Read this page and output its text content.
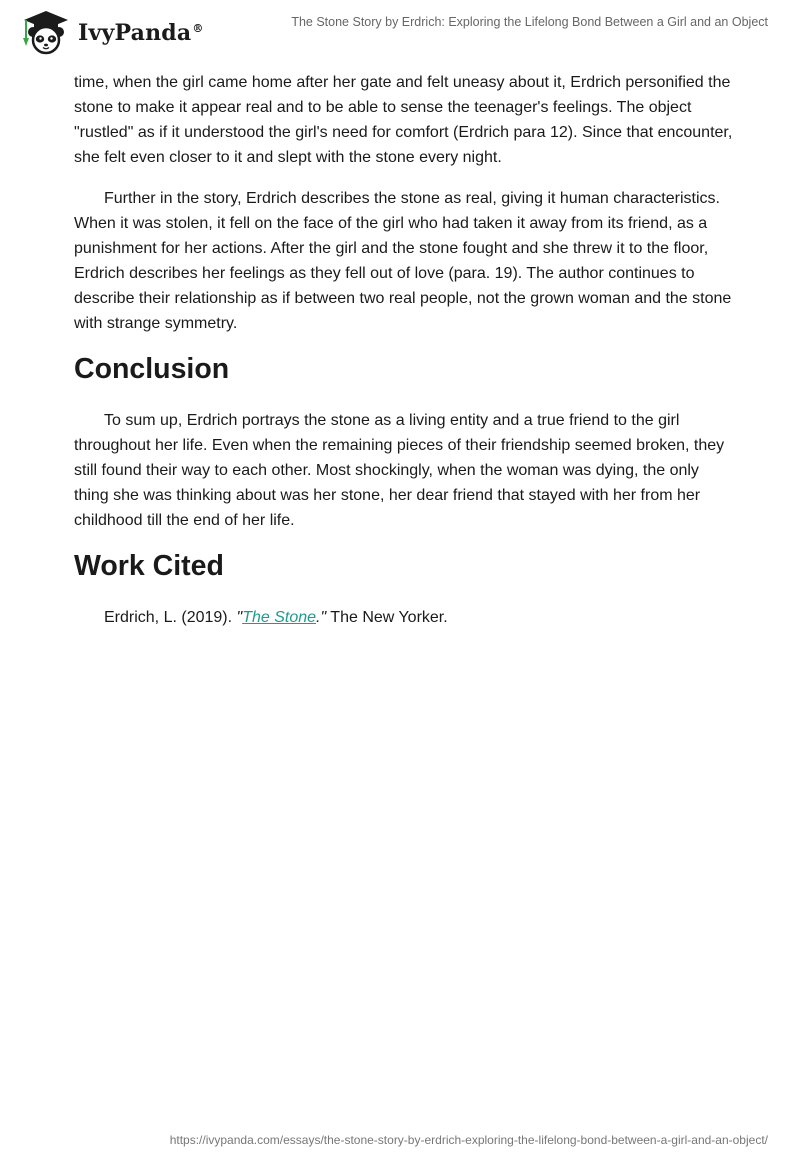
IvyPanda®	The Stone Story by Erdrich: Exploring the Lifelong Bond Between a Girl and an Object

time, when the girl came home after her gate and felt uneasy about it, Erdrich personified the stone to make it appear real and to be able to sense the teenager's feelings. The object "rustled" as if it understood the girl's need for comfort (Erdrich para 12). Since that encounter, she felt even closer to it and slept with the stone every night.

Further in the story, Erdrich describes the stone as real, giving it human characteristics. When it was stolen, it fell on the face of the girl who had taken it away from its friend, as a punishment for her actions. After the girl and the stone fought and she threw it to the floor, Erdrich describes her feelings as they fell out of love (para. 19). The author continues to describe their relationship as if between two real people, not the grown woman and the stone with strange symmetry.

Conclusion

To sum up, Erdrich portrays the stone as a living entity and a true friend to the girl throughout her life. Even when the remaining pieces of their friendship seemed broken, they still found their way to each other. Most shockingly, when the woman was dying, the only thing she was thinking about was her stone, her dear friend that stayed with her from her childhood till the end of her life.

Work Cited

Erdrich, L. (2019). "The Stone." The New Yorker.

https://ivypanda.com/essays/the-stone-story-by-erdrich-exploring-the-lifelong-bond-between-a-girl-and-an-object/
